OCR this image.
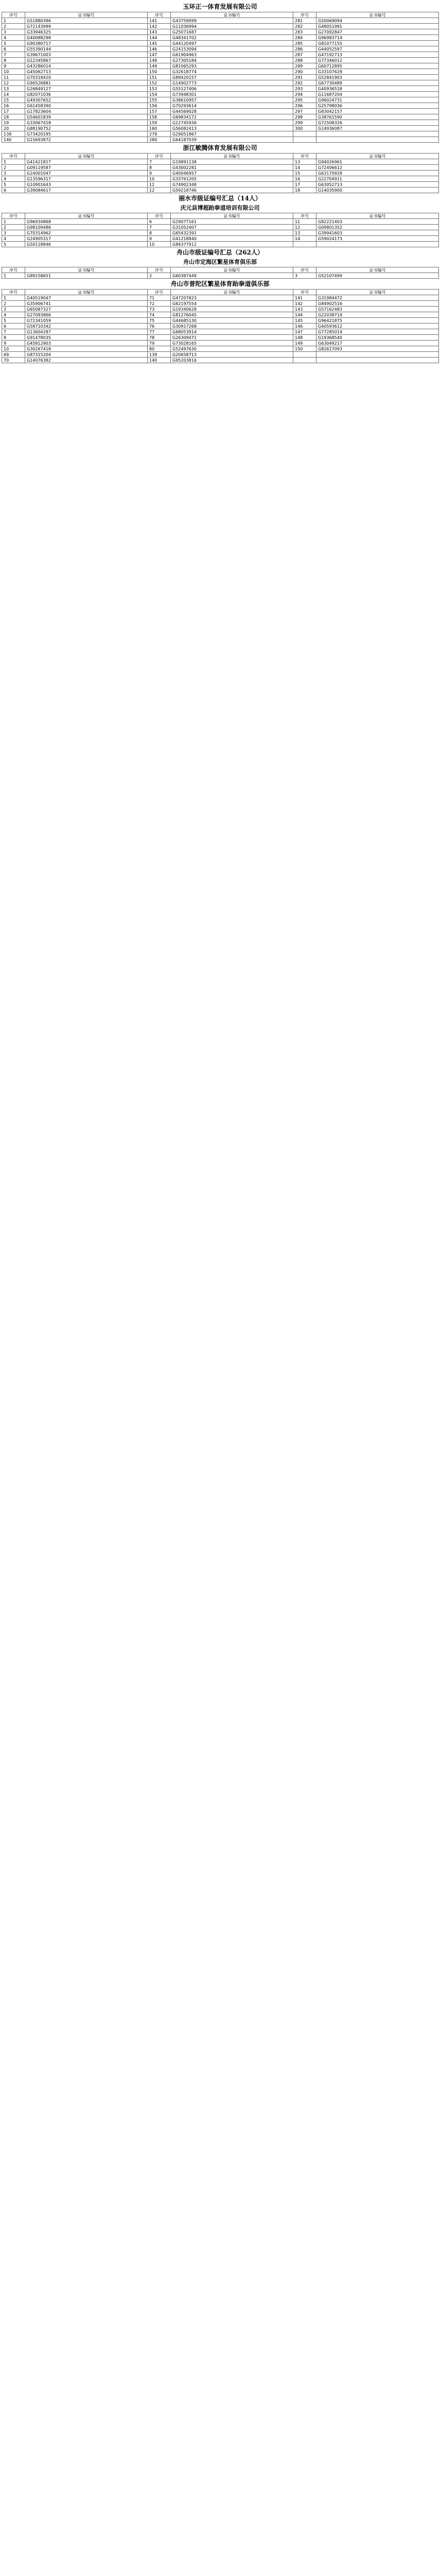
玉环正一体育发展有限公司
序号	证书编号	序号	证书编号	序号	证书编号
1	G51880396	141	G43759099	281	G50069094
2	G72143999	142	G11036994	282	G48051991
3	G33946325	143	G25071687	283	G27092847
4	G40088298	144	G48341702	284	G96983714
5	G90380717	145	G44120497	285	G81077155
6	G55390144	146	G24153094	286	G44052597
7	G39671003	147	G61904963	287	G47192713
8	G12345867	148	G27305184	288	G77346012
9	G43286014	149	G81065293	289	G60712895
10	G45062713	150	G32618774	290	G33107629
11	G70318420	151	G89420157	291	G52841903
12	G90526881	152	G14902773	292	G67730489
13	G26849127	153	G55127406	293	G40936518
14	G82071036	154	G73948301	294	G11687204
15	G49307652	155	G38610957	295	G96024731
16	G61458390	156	G70293614	296	G25798036
17	G17823604	157	G44569028	297	G83042157
18	G54601839	158	G69834172	298	G38761590
19	G33067418	159	G12745936	299	G72508326
20	G88190752	160	G56082413	300	G14936087
139	G73420195	279	G29051867		
140	G15693872	280	G64187039		
浙江敏腾体育发展有限公司
序号	证书编号	序号	证书编号	序号	证书编号
1	G41421817	7	G19891138	13	G94026961
2	G09119587	8	G43002281	14	G72406612
3	G24001047	9	G40046957	15	G63170928
4	G13596317	10	G33761205	16	G22704911
5	G10901643	11	G74902348	17	G63052713
6	G39084617	12	G59218746	18	G14035900
丽水市级证编号汇总（14人）
庆元县博超跆拳道培训有限公司
序号	证书编号	序号	证书编号	序号	证书编号
1	G96934868	6	G29077161	11	G82221403
2	G98109486	7	G31052407	12	G09801352
3	G70314962	8	G65432391	13	G39941603
4	G24905317	9	G41218840	14	G59024173
5	G50118846	10	G84377912		
舟山市级证编号汇总（262人）
舟山市定海区繁星体育俱乐部
序号	证书编号	序号	证书编号	序号	证书编号
1	G89158651	2	G60387449	3	G52107499
舟山市普陀区繁星体育跆拳道俱乐部
序号	证书编号	序号	证书编号	序号	证书编号
1	G40519047	71	G47207823	141	G31984472
2	G35906741	72	G62197554	142	G84902516
3	G65087327	73	G19340628	143	G57162483
4	G27093866	74	G81276045	144	G22038719
5	G72341059	75	G44685130	145	G96421875
6	G58710342	76	G30917268	146	G40593612
7	G13604287	77	G68053914	147	G77285014
8	G91478035	78	G26309471	148	G19368540
9	G45812903	79	G73028165	149	G63049217
10	G30267418	80	G52497630	150	G82617093
69	G87315204	139	G20658713		
70	G14076382	140	G95203816		
